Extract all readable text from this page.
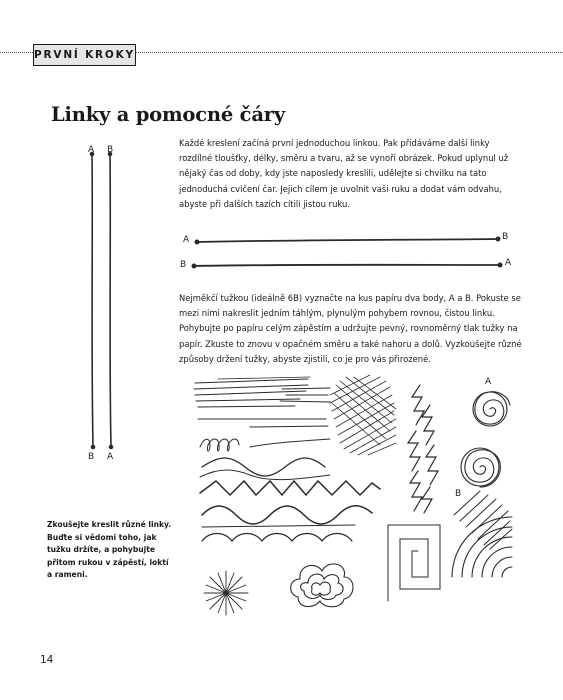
PRVNÍ KROKY
Linky a pomocné čáry

Každé kreslení začíná první jednoduchou linkou. Pak přidáváme další linky rozdílné tloušťky, délky, směru a tvaru, až se vynoří obrázek. Pokud uplynul už nějaký čas od doby, kdy jste naposledy kreslili, udělejte si chvilku na tato jednoduchá cvičení čar. Jejich cílem je uvolnit vaši ruku a dodat vám odvahu, abyste při dalších tazích cítili jistou ruku.

A B
B A
A	B
B	A

Nejměkčí tužkou (ideálně 6B) vyznačte na kus papíru dva body, A a B. Pokuste se mezi nimi nakreslit jedním táhlým, plynulým pohybem rovnou, čistou linku. Pohybujte po papíru celým zápěstím a udržujte pevný, rovnoměrný tlak tužky na papír. Zkuste to znovu v opačném směru a také nahoru a dolů. Vyzkoušejte různé způsoby držení tužky, abyste zjistili, co je pro vás přirozené.

A
B
Zkoušejte kreslit různé linky. Buďte si vědomi toho, jak tužku držíte, a pohybujte přitom rukou v zápěstí, loktí a rameni.
14
